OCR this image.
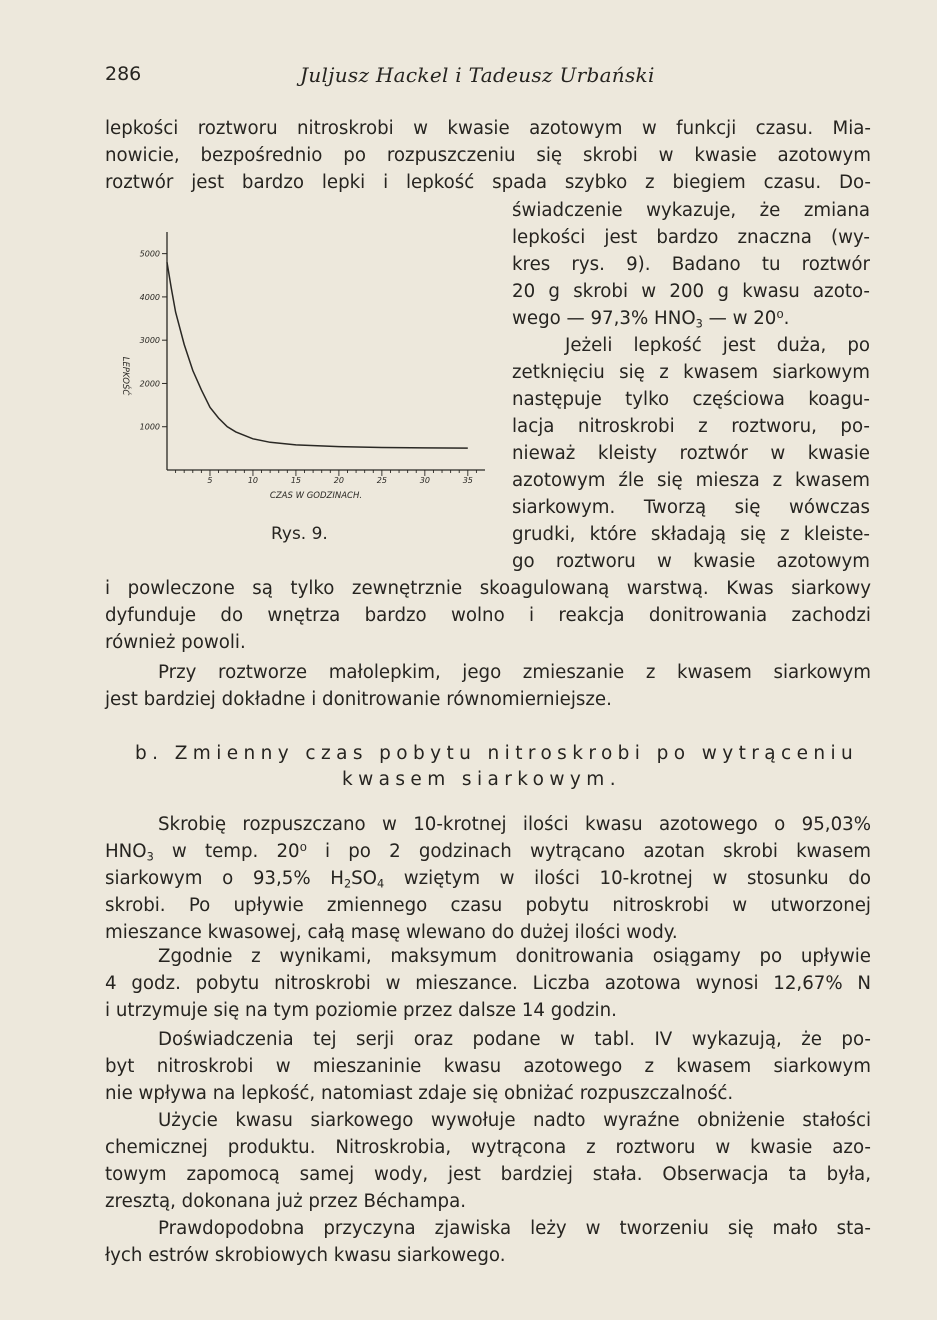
286	Juljusz Hackel i Tadeusz Urbański
lepkości roztworu nitroskrobi w kwasie azotowym w funkcji czasu. Mia-
nowicie, bezpośrednio po rozpuszczeniu się skrobi w kwasie azotowym
roztwór jest bardzo lepki i lepkość spada szybko z biegiem czasu. Do-
świadczenie wykazuje, że zmiana
lepkości jest bardzo znaczna (wy-
kres rys. 9). Badano tu roztwór
20 g skrobi w 200 g kwasu azoto-
wego — 97,3% $HNO_3$ — w 20⁰.
Jeżeli lepkość jest duża, po
zetknięciu się z kwasem siarkowym
następuje tylko częściowa koagu-
lacja nitroskrobi z roztworu, po-
nieważ kleisty roztwór w kwasie
azotowym źle się miesza z kwasem
siarkowym. Tworzą się wówczas
grudki, które składają się z kleiste-
go roztworu w kwasie azotowym
i powleczone są tylko zewnętrznie skoagulowaną warstwą. Kwas siarkowy
dyfunduje do wnętrza bardzo wolno i reakcja donitrowania zachodzi
również powoli.
Przy roztworze małolepkim, jego zmieszanie z kwasem siarkowym
jest bardziej dokładne i donitrowanie równomierniejsze.
b. Zmienny czas pobytu nitroskrobi po wytrąceniu
kwasem siarkowym.
Skrobię rozpuszczano w 10-krotnej ilości kwasu azotowego o 95,03%
$HNO_3$ w temp. 20⁰ i po 2 godzinach wytrącano azotan skrobi kwasem
siarkowym o 93,5% $H_2SO_4$ wziętym w ilości 10-krotnej w stosunku do
skrobi. Po upływie zmiennego czasu pobytu nitroskrobi w utworzonej
mieszance kwasowej, całą masę wlewano do dużej ilości wody.
Zgodnie z wynikami, maksymum donitrowania osiągamy po upływie
4 godz. pobytu nitroskrobi w mieszance. Liczba azotowa wynosi 12,67% N
i utrzymuje się na tym poziomie przez dalsze 14 godzin.
Doświadczenia tej serji oraz podane w tabl. IV wykazują, że po-
byt nitroskrobi w mieszaninie kwasu azotowego z kwasem siarkowym
nie wpływa na lepkość, natomiast zdaje się obniżać rozpuszczalność.
Użycie kwasu siarkowego wywołuje nadto wyraźne obniżenie stałości
chemicznej produktu. Nitroskrobia, wytrącona z roztworu w kwasie azo-
towym zapomocą samej wody, jest bardziej stała. Obserwacja ta była,
zresztą, dokonana już przez Béchampa.
Prawdopodobna przyczyna zjawiska leży w tworzeniu się mało sta-
łych estrów skrobiowych kwasu siarkowego.
1000
2000
3000
4000
5000
5	10	15	20	25	30	35
CZAS W GODZINACH.
LEPKOŚĆ
Rys. 9.
